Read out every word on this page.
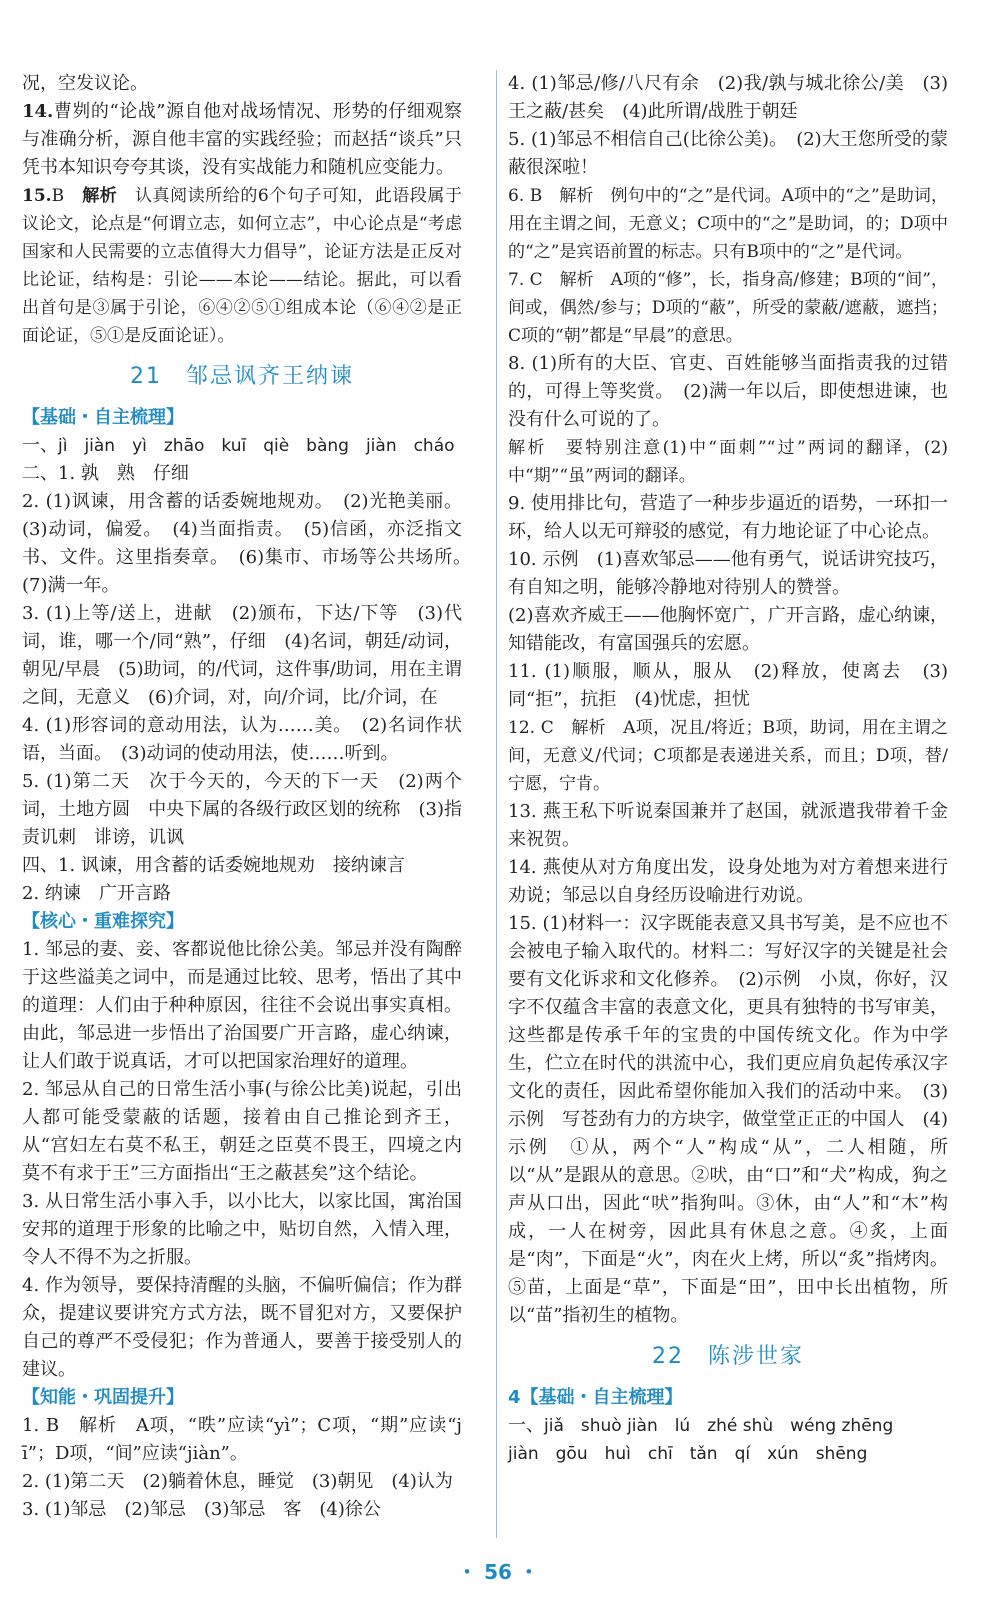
况，空发议论。

14.曹刿的“论战”源自他对战场情况、形势的仔细观察与准确分析，源自他丰富的实践经验；而赵括“谈兵”只凭书本知识夸夸其谈，没有实战能力和随机应变能力。

15.B　 解析　 认真阅读所给的6个句子可知，此语段属于议论文，论点是“何谓立志，如何立志”，中心论点是“考虑国家和人民需要的立志值得大力倡导”，论证方法是正反对比论证，结构是：引论——本论——结论。据此，可以看出首句是③属于引论，⑥④②⑤①组成本论（⑥④②是正面论证，⑤①是反面论证）。

21　邹忌讽齐王纳谏

【基础・自主梳理】

一、jì　jiàn　yì　zhāo　kuī　qiè　bàng　jiàn　cháo

二、1. 孰　熟　仔细

2. (1)讽谏，用含蓄的话委婉地规劝。　(2)光艳美丽。(3)动词，偏爱。　(4)当面指责。　(5)信函，亦泛指文书、文件。这里指奏章。　(6)集市、市场等公共场所。　(7)满一年。

3. (1)上等/送上，进献　(2)颁布，下达/下等　(3)代词，谁，哪一个/同“熟”，仔细　(4)名词，朝廷/动词，朝见/早晨　(5)助词，的/代词，这件事/助词，用在主谓之间，无意义　(6)介词，对，向/介词，比/介词，在

4. (1)形容词的意动用法，认为……美。　(2)名词作状语，当面。　(3)动词的使动用法，使……听到。

5. (1)第二天　次于今天的，今天的下一天　(2)两个词，土地方圆　中央下属的各级行政区划的统称　(3)指责讥刺　诽谤，讥讽

四、1. 讽谏，用含蓄的话委婉地规劝　接纳谏言

2. 纳谏　广开言路

【核心・重难探究】

1. 邹忌的妻、妾、客都说他比徐公美。邹忌并没有陶醉于这些溢美之词中，而是通过比较、思考，悟出了其中的道理：人们由于种种原因，往往不会说出事实真相。由此，邹忌进一步悟出了治国要广开言路，虚心纳谏，让人们敢于说真话，才可以把国家治理好的道理。

2. 邹忌从自己的日常生活小事(与徐公比美)说起，引出人都可能受蒙蔽的话题，接着由自己推论到齐王，从“宫妇左右莫不私王，朝廷之臣莫不畏王，四境之内莫不有求于王”三方面指出“王之蔽甚矣”这个结论。

3. 从日常生活小事入手，以小比大，以家比国，寓治国安邦的道理于形象的比喻之中，贴切自然，入情入理，令人不得不为之折服。

4. 作为领导，要保持清醒的头脑，不偏听偏信；作为群众，提建议要讲究方式方法，既不冒犯对方，又要保护自己的尊严不受侵犯；作为普通人，要善于接受别人的建议。

【知能・巩固提升】

1. B　解析　A项，“昳”应读“yì”；C项，“期”应读“jī”；D项，“间”应读“jiàn”。

2. (1)第二天　(2)躺着休息，睡觉　(3)朝见　(4)认为

3. (1)邹忌　(2)邹忌　(3)邹忌　客　(4)徐公

4. (1)邹忌/修/八尺有余　(2)我/孰与城北徐公/美　(3)王之蔽/甚矣　(4)此所谓/战胜于朝廷

5. (1)邹忌不相信自己(比徐公美)。　(2)大王您所受的蒙蔽很深啦！

6. B　解析　例句中的“之”是代词。A项中的“之”是助词，用在主谓之间，无意义；C项中的“之”是助词，的；D项中的“之”是宾语前置的标志。只有B项中的“之”是代词。

7. C　解析　A项的“修”，长，指身高/修建；B项的“间”，间或，偶然/参与；D项的“蔽”，所受的蒙蔽/遮蔽，遮挡；C项的“朝”都是“早晨”的意思。

8. (1)所有的大臣、官吏、百姓能够当面指责我的过错的，可得上等奖赏。　(2)满一年以后，即使想进谏，也没有什么可说的了。

解析　要特别注意(1)中“面刺”“过”两词的翻译，(2)中“期”“虽”两词的翻译。

9. 使用排比句，营造了一种步步逼近的语势，一环扣一环，给人以无可辩驳的感觉，有力地论证了中心论点。

10. 示例　(1)喜欢邹忌——他有勇气，说话讲究技巧，有自知之明，能够冷静地对待别人的赞誉。

(2)喜欢齐威王——他胸怀宽广，广开言路，虚心纳谏，知错能改，有富国强兵的宏愿。

11. (1)顺服，顺从，服从　(2)释放，使离去　(3)同“拒”，抗拒　(4)忧虑，担忧

12. C　解析　A项，况且/将近；B项，助词，用在主谓之间，无意义/代词；C项都是表递进关系，而且；D项，替/宁愿，宁肯。

13. 燕王私下听说秦国兼并了赵国，就派遣我带着千金来祝贺。

14. 燕使从对方角度出发，设身处地为对方着想来进行劝说；邹忌以自身经历设喻进行劝说。

15. (1)材料一：汉字既能表意又具书写美，是不应也不会被电子输入取代的。材料二：写好汉字的关键是社会要有文化诉求和文化修养。　(2)示例　小岚，你好，汉字不仅蕴含丰富的表意文化，更具有独特的书写审美，这些都是传承千年的宝贵的中国传统文化。作为中学生，伫立在时代的洪流中心，我们更应肩负起传承汉字文化的责任，因此希望你能加入我们的活动中来。　(3)示例　写苍劲有力的方块字，做堂堂正正的中国人　(4)示例　①从，两个“人”构成“从”，二人相随，所以“从”是跟从的意思。②吠，由“口”和“犬”构成，狗之声从口出，因此“吠”指狗叫。③休，由“人”和“木”构成，一人在树旁，因此具有休息之意。④炙，上面是“肉”，下面是“火”，肉在火上烤，所以“炙”指烤肉。⑤苗，上面是“草”，下面是“田”，田中长出植物，所以“苗”指初生的植物。

22　陈涉世家

4【基础・自主梳理】

一、jiǎ　shuò jiàn　lú　zhé shù　wéng zhēng

jiàn　gōu　huì　chī　tǎn　qí　xún　shēng

・ 56 ・
